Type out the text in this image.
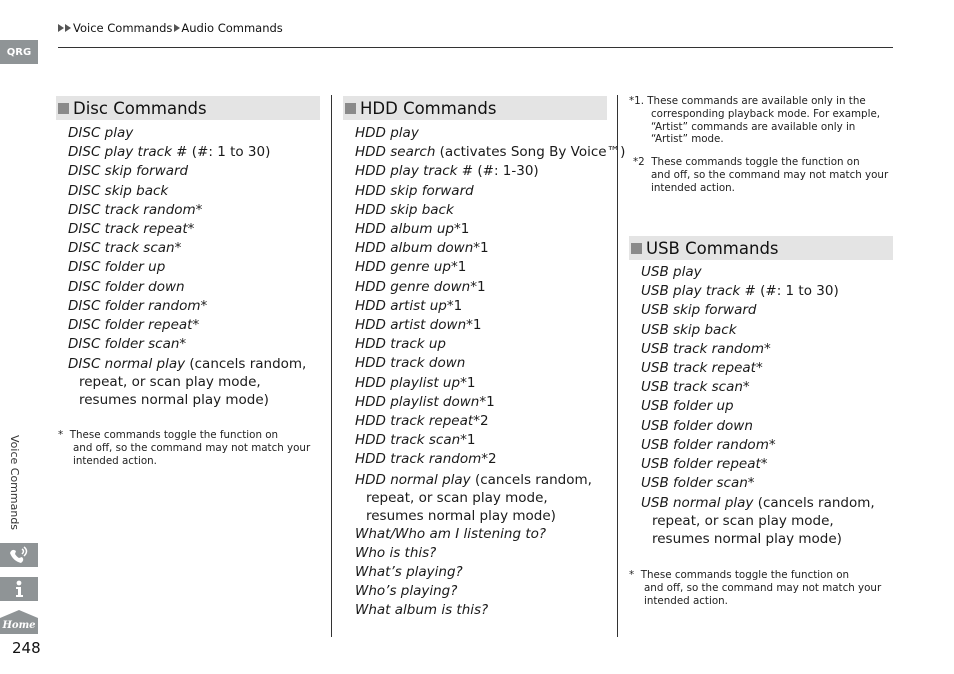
Voice Commands Audio Commands
QRG
Voice Commands
Home
248
Disc Commands
DISC play
DISC play track # (#: 1 to 30)
DISC skip forward
DISC skip back
DISC track random*
DISC track repeat*
DISC track scan*
DISC folder up
DISC folder down
DISC folder random*
DISC folder repeat*
DISC folder scan*
DISC normal play (cancels random, repeat, or scan play mode, resumes normal play mode)
* These commands toggle the function on
and off, so the command may not match your
intended action.
HDD Commands
HDD play
HDD search (activates Song By Voice™)
HDD play track # (#: 1-30)
HDD skip forward
HDD skip back
HDD album up*1
HDD album down*1
HDD genre up*1
HDD genre down*1
HDD artist up*1
HDD artist down*1
HDD track up
HDD track down
HDD playlist up*1
HDD playlist down*1
HDD track repeat*2
HDD track scan*1
HDD track random*2
HDD normal play (cancels random, repeat, or scan play mode, resumes normal play mode)
What/Who am I listening to?
Who is this?
What’s playing?
Who’s playing?
What album is this?
*1. These commands are available only in the
corresponding playback mode. For example,
“Artist” commands are available only in
“Artist” mode.
*2 These commands toggle the function on
and off, so the command may not match your
intended action.
USB Commands
USB play
USB play track # (#: 1 to 30)
USB skip forward
USB skip back
USB track random*
USB track repeat*
USB track scan*
USB folder up
USB folder down
USB folder random*
USB folder repeat*
USB folder scan*
USB normal play (cancels random, repeat, or scan play mode, resumes normal play mode)
* These commands toggle the function on
and off, so the command may not match your
intended action.
